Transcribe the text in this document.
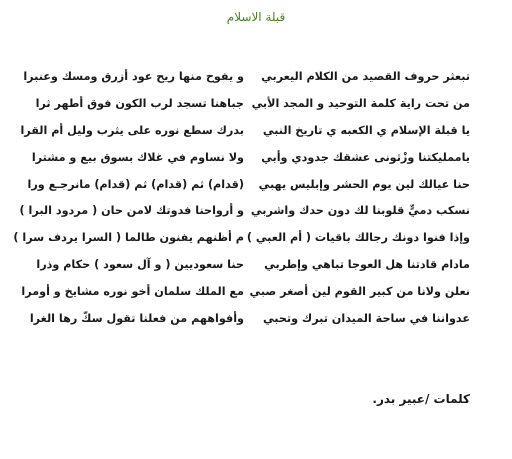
قبلة الاسلام
تبعثر حروف القصيد من الكلام اليعربي
من تحت راية كلمة التوحيد و المجد الأبي
يا قبلة الإسلام ي الكعبه ي تاريخ النبي
ياممليكتنا وزْثونى عشقك جدودي وأبي
حنا عيالك لين يوم الحشر وإبليس يهبي
نسكب دميٍّ قلوبنا لك دون حدك واشربي
وإذا فنوا دونك رجالك باقيات ( أم العبي )
مادام قادتنا هل العوجا تباهي وإطربي
نعلن ولانا من كبير القوم لين أصغر صبي
عدواننا في ساحة الميدان تبرك وتحبي
و يفوح منها ريح عود أزرق ومسك وعنبرا
جباهنا تسجد لرب الكون فوق أطهر ثرا
بدرك سطع نوره على يثرب وليل أم القرا
ولا نساوم في غلاك بسوق بيع و مشترا
(قدام) ثم (قدام) ثم (قدام) مانرجـع ورا
و أرواحنا فدوتك لامن حان ( مردود البرا )
م أظنهم يفنون طالما ( السرا يردف سرا )
حنا سعوديين ( و آل سعود ) حكام وذرا
مع الملك سلمان أخو نوره مشايخ و أومرا
وأفواههم من فعلنا تقول سكّ رها الغرا
كلمات /عبير بدر.
